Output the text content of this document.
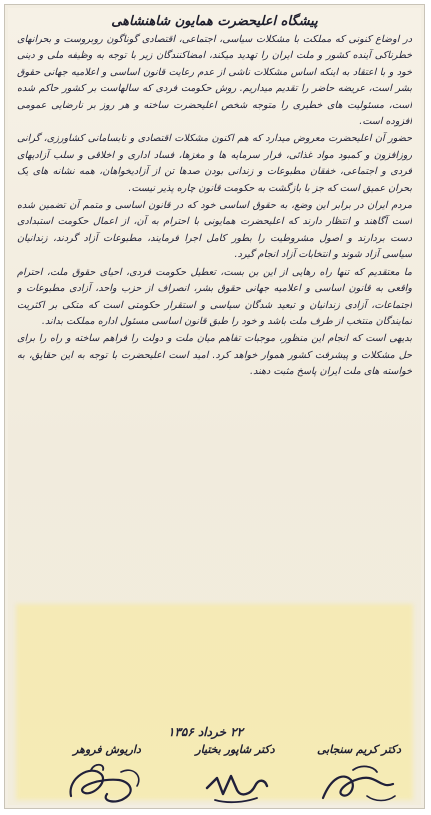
پیشگاه اعلیحضرت همایون شاهنشاهی

در اوضاع کنونی که مملکت با مشکلات سیاسی، اجتماعی، اقتصادی گوناگون روبروست و بحرانهای خطرناکی آینده کشور و ملت ایران را تهدید میکند، امضاکنندگان زیر با توجه به وظیفه ملی و دینی خود و با اعتقاد به اینکه اساس مشکلات ناشی از عدم رعایت قانون اساسی و اعلامیه جهانی حقوق بشر است، عریضه حاضر را تقدیم میداریم. روش حکومت فردی که سالهاست بر کشور حاکم شده است، مسئولیت های خطیری را متوجه شخص اعلیحضرت ساخته و هر روز بر نارضایی عمومی افزوده است.

حضور آن اعلیحضرت معروض میدارد که هم اکنون مشکلات اقتصادی و نابسامانی کشاورزی، گرانی روزافزون و کمبود مواد غذائی، فرار سرمایه ها و مغزها، فساد اداری و اخلاقی و سلب آزادیهای فردی و اجتماعی، خفقان مطبوعات و زندانی بودن صدها تن از آزادیخواهان، همه نشانه های یک بحران عمیق است که جز با بازگشت به حکومت قانون چاره پذیر نیست.

مردم ایران در برابر این وضع، به حقوق اساسی خود که در قانون اساسی و متمم آن تضمین شده است آگاهند و انتظار دارند که اعلیحضرت همایونی با احترام به آن، از اعمال حکومت استبدادی دست بردارند و اصول مشروطیت را بطور کامل اجرا فرمایند، مطبوعات آزاد گردند، زندانیان سیاسی آزاد شوند و انتخابات آزاد انجام گیرد.

ما معتقدیم که تنها راه رهایی از این بن بست، تعطیل حکومت فردی، احیای حقوق ملت، احترام واقعی به قانون اساسی و اعلامیه جهانی حقوق بشر، انصراف از حزب واحد، آزادی مطبوعات و اجتماعات، آزادی زندانیان و تبعید شدگان سیاسی و استقرار حکومتی است که متکی بر اکثریت نمایندگان منتخب از طرف ملت باشد و خود را طبق قانون اساسی مسئول اداره مملکت بداند.

بدیهی است که انجام این منظور، موجبات تفاهم میان ملت و دولت را فراهم ساخته و راه را برای حل مشکلات و پیشرفت کشور هموار خواهد کرد. امید است اعلیحضرت با توجه به این حقایق، به خواسته های ملت ایران پاسخ مثبت دهند.

۲۲ خرداد ۱۳۵۶
داریوش فروهر	دکتر شاپور بختیار	دکتر کریم سنجابی
